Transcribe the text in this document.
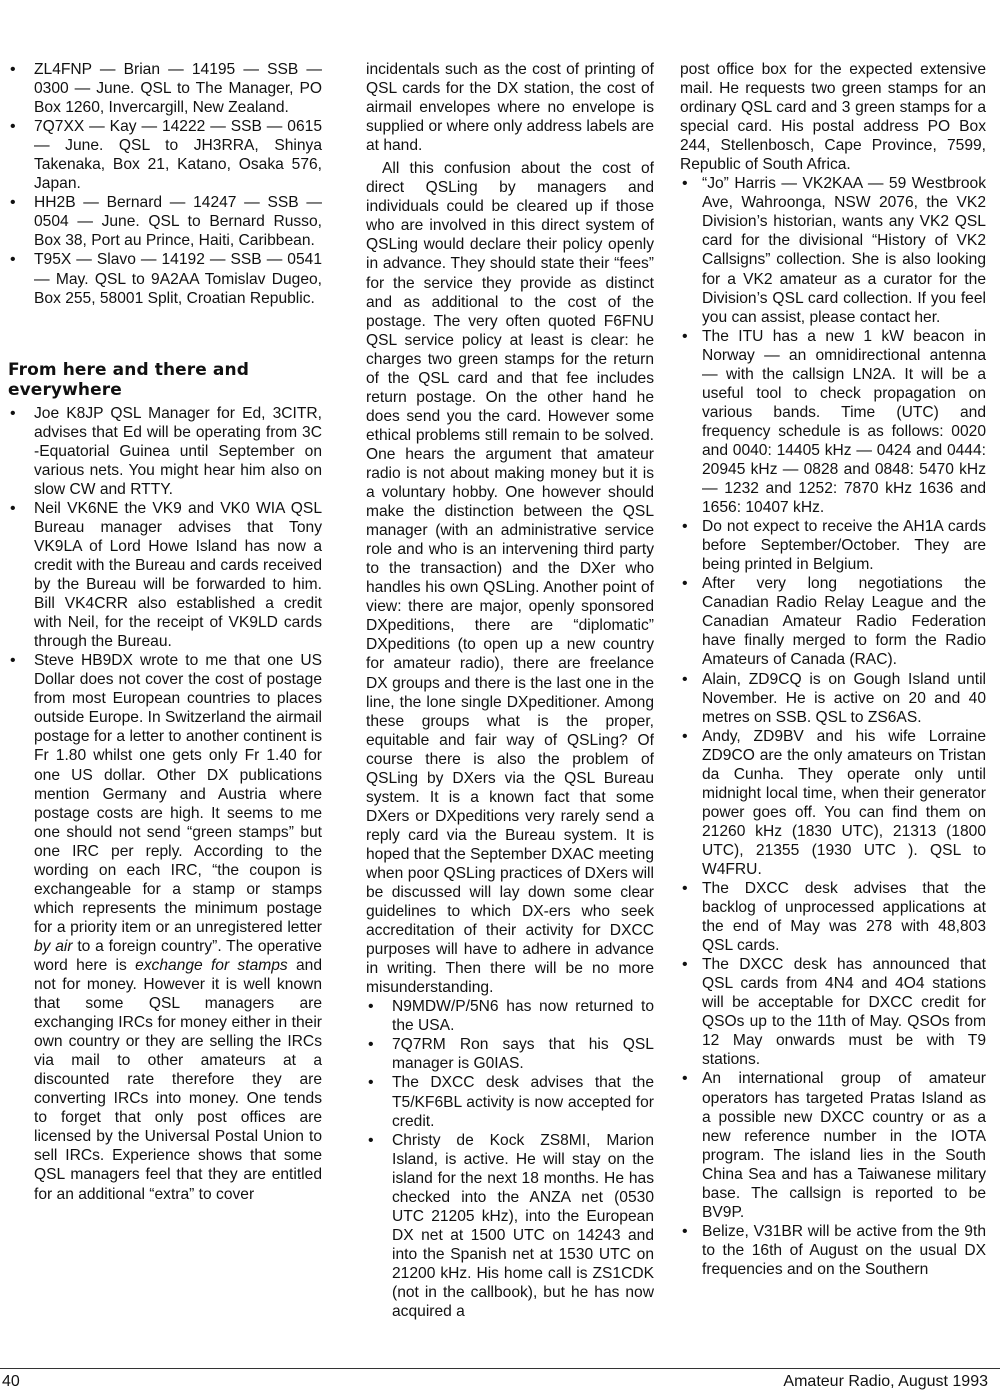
• ZL4FNP — Brian — 14195 — SSB — 0300 — June. QSL to The Manager, PO Box 1260, Invercargill, New Zealand.
• 7Q7XX — Kay — 14222 — SSB — 0615 — June. QSL to JH3RRA, Shinya Takenaka, Box 21, Katano, Osaka 576, Japan.
• HH2B — Bernard — 14247 — SSB — 0504 — June. QSL to Bernard Russo, Box 38, Port au Prince, Haiti, Caribbean.
• T95X — Slavo — 14192 — SSB — 0541 — May. QSL to 9A2AA Tomislav Dugeo, Box 255, 58001 Split, Croatian Republic.
From here and there and everywhere
• Joe K8JP QSL Manager for Ed, 3CITR, advises that Ed will be operating from 3C -Equatorial Guinea until September on various nets. You might hear him also on slow CW and RTTY.
• Neil VK6NE the VK9 and VK0 WIA QSL Bureau manager advises that Tony VK9LA of Lord Howe Island has now a credit with the Bureau and cards received by the Bureau will be forwarded to him. Bill VK4CRR also established a credit with Neil, for the receipt of VK9LD cards through the Bureau.
• Steve HB9DX wrote to me that one US Dollar does not cover the cost of postage from most European countries to places outside Europe. In Switzerland the airmail postage for a letter to another continent is Fr 1.80 whilst one gets only Fr 1.40 for one US dollar. Other DX publications mention Germany and Austria where postage costs are high. It seems to me one should not send “green stamps” but one IRC per reply. According to the wording on each IRC, “the coupon is exchangeable for a stamp or stamps which represents the minimum postage for a priority item or an unregistered letter by air to a foreign country”. The operative word here is exchange for stamps and not for money. However it is well known that some QSL managers are exchanging IRCs for money either in their own country or they are selling the IRCs via mail to other amateurs at a discounted rate therefore they are converting IRCs into money. One tends to forget that only post offices are licensed by the Universal Postal Union to sell IRCs. Experience shows that some QSL managers feel that they are entitled for an additional “extra” to cover

incidentals such as the cost of printing of QSL cards for the DX station, the cost of airmail envelopes where no envelope is supplied or where only address labels are at hand.

All this confusion about the cost of direct QSLing by managers and individuals could be cleared up if those who are involved in this direct system of QSLing would declare their policy openly in advance. They should state their “fees” for the service they provide as distinct and as additional to the cost of the postage. The very often quoted F6FNU QSL service policy at least is clear: he charges two green stamps for the return of the QSL card and that fee includes return postage. On the other hand he does send you the card. However some ethical problems still remain to be solved. One hears the argument that amateur radio is not about making money but it is a voluntary hobby. One however should make the distinction between the QSL manager (with an administrative service role and who is an intervening third party to the transaction) and the DXer who handles his own QSLing. Another point of view: there are major, openly sponsored DXpeditions, there are “diplomatic” DXpeditions (to open up a new country for amateur radio), there are freelance DX groups and there is the last one in the line, the lone single DXpeditioner. Among these groups what is the proper, equitable and fair way of QSLing? Of course there is also the problem of QSLing by DXers via the QSL Bureau system. It is a known fact that some DXers or DXpeditions very rarely send a reply card via the Bureau system. It is hoped that the September DXAC meeting when poor QSLing practices of DXers will be discussed will lay down some clear guidelines to which DX-ers who seek accreditation of their activity for DXCC purposes will have to adhere in advance in writing. Then there will be no more misunderstanding.

• N9MDW/P/5N6 has now returned to the USA.
• 7Q7RM Ron says that his QSL manager is G0IAS.
• The DXCC desk advises that the T5/KF6BL activity is now accepted for credit.
• Christy de Kock ZS8MI, Marion Island, is active. He will stay on the island for the next 18 months. He has checked into the ANZA net (0530 UTC 21205 kHz), into the European DX net at 1500 UTC on 14243 and into the Spanish net at 1530 UTC on 21200 kHz. His home call is ZS1CDK (not in the callbook), but he has now acquired a

post office box for the expected extensive mail. He requests two green stamps for an ordinary QSL card and 3 green stamps for a special card. His postal address PO Box 244, Stellenbosch, Cape Province, 7599, Republic of South Africa.

• “Jo” Harris — VK2KAA — 59 Westbrook Ave, Wahroonga, NSW 2076, the VK2 Division’s historian, wants any VK2 QSL card for the divisional “History of VK2 Callsigns” collection. She is also looking for a VK2 amateur as a curator for the Division’s QSL card collection. If you feel you can assist, please contact her.
• The ITU has a new 1 kW beacon in Norway — an omnidirectional antenna — with the callsign LN2A. It will be a useful tool to check propagation on various bands. Time (UTC) and frequency schedule is as follows: 0020 and 0040: 14405 kHz — 0424 and 0444: 20945 kHz — 0828 and 0848: 5470 kHz — 1232 and 1252: 7870 kHz 1636 and 1656: 10407 kHz.
• Do not expect to receive the AH1A cards before September/October. They are being printed in Belgium.
• After very long negotiations the Canadian Radio Relay League and the Canadian Amateur Radio Federation have finally merged to form the Radio Amateurs of Canada (RAC).
• Alain, ZD9CQ is on Gough Island until November. He is active on 20 and 40 metres on SSB. QSL to ZS6AS.
• Andy, ZD9BV and his wife Lorraine ZD9CO are the only amateurs on Tristan da Cunha. They operate only until midnight local time, when their generator power goes off. You can find them on 21260 kHz (1830 UTC), 21313 (1800 UTC), 21355 (1930 UTC ). QSL to W4FRU.
• The DXCC desk advises that the backlog of unprocessed applications at the end of May was 278 with 48,803 QSL cards.
• The DXCC desk has announced that QSL cards from 4N4 and 4O4 stations will be acceptable for DXCC credit for QSOs up to the 11th of May. QSOs from 12 May onwards must be with T9 stations.
• An international group of amateur operators has targeted Pratas Island as a possible new DXCC country or as a new reference number in the IOTA program. The island lies in the South China Sea and has a Taiwanese military base. The callsign is reported to be BV9P.
• Belize, V31BR will be active from the 9th to the 16th of August on the usual DX frequencies and on the Southern
40	Amateur Radio, August 1993
